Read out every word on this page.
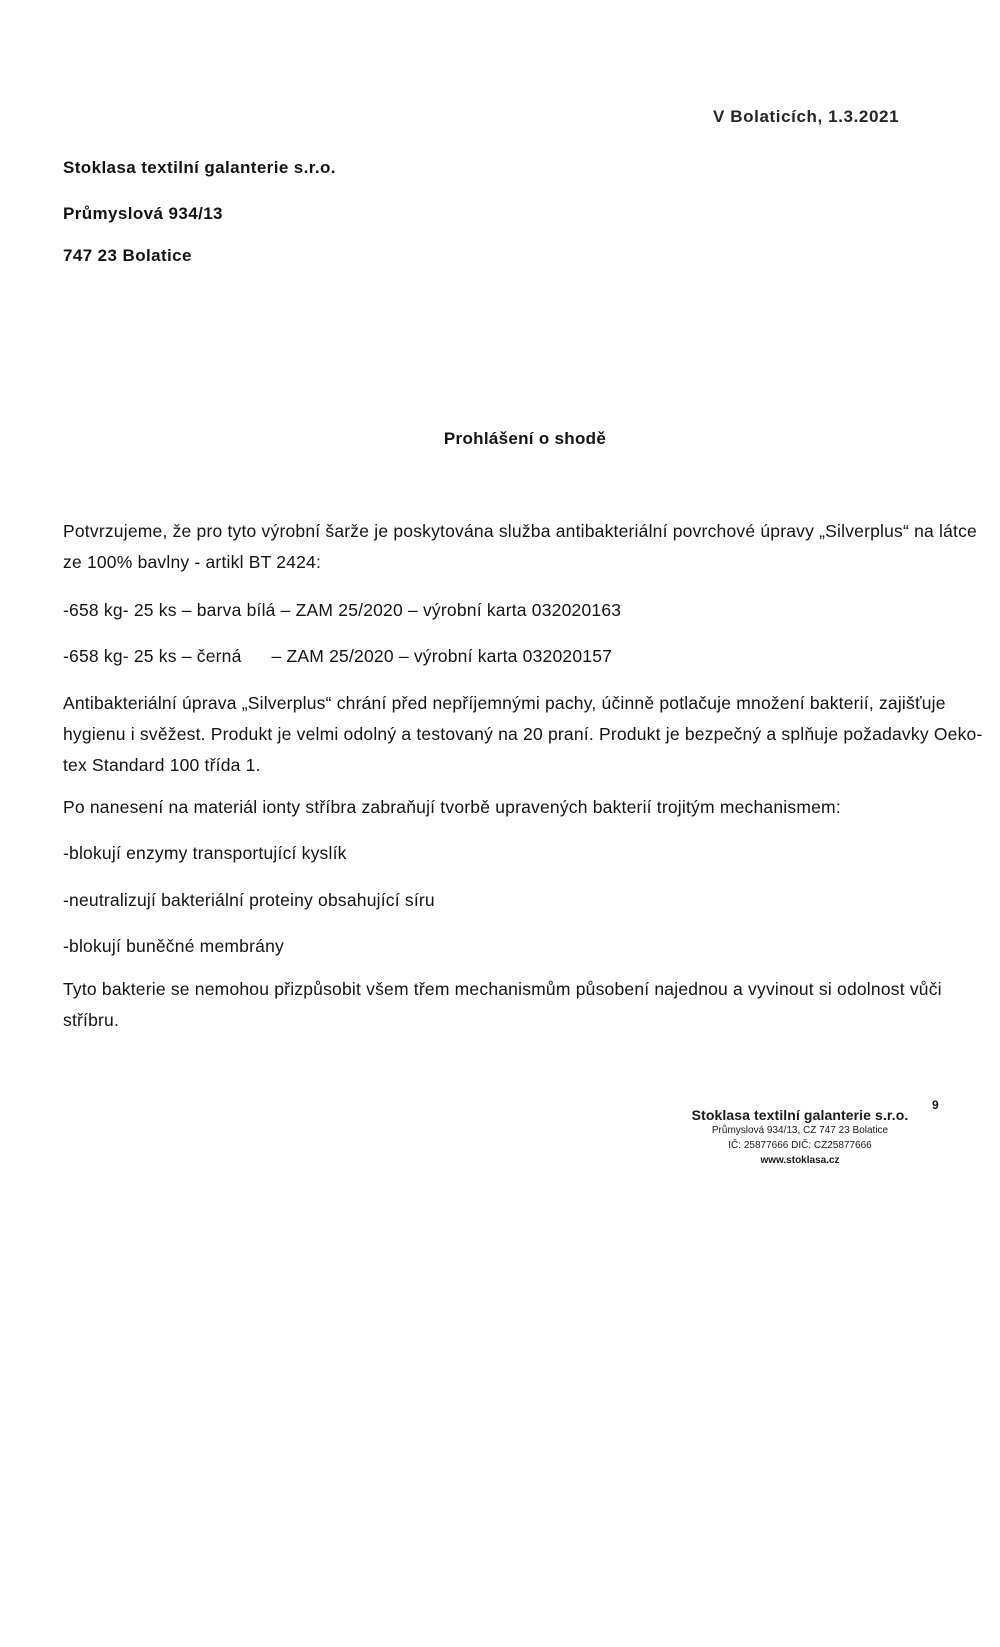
V Bolaticích, 1.3.2021

Stoklasa textilní galanterie s.r.o.

Průmyslová 934/13

747 23 Bolatice

Prohlášení o shodě

Potvrzujeme, že pro tyto výrobní šarže je poskytována služba antibakteriální povrchové úpravy „Silverplus“ na látce ze 100% bavlny - artikl BT 2424:

-658 kg- 25 ks – barva bílá – ZAM 25/2020 – výrobní karta 032020163

-658 kg- 25 ks – černá – ZAM 25/2020 – výrobní karta 032020157

Antibakteriální úprava „Silverplus“ chrání před nepříjemnými pachy, účinně potlačuje množení bakterií, zajišťuje hygienu i svěžest. Produkt je velmi odolný a testovaný na 20 praní. Produkt je bezpečný a splňuje požadavky Oeko-tex Standard 100 třída 1.

Po nanesení na materiál ionty stříbra zabraňují tvorbě upravených bakterií trojitým mechanismem:

-blokují enzymy transportující kyslík

-neutralizují bakteriální proteiny obsahující síru

-blokují buněčné membrány

Tyto bakterie se nemohou přizpůsobit všem třem mechanismům působení najednou a vyvinout si odolnost vůči stříbru.

Stoklasa textilní galanterie s.r.o.
Průmyslová 934/13, CZ 747 23 Bolatice
IČ: 25877666 DIČ: CZ25877666
www.stoklasa.cz
9
